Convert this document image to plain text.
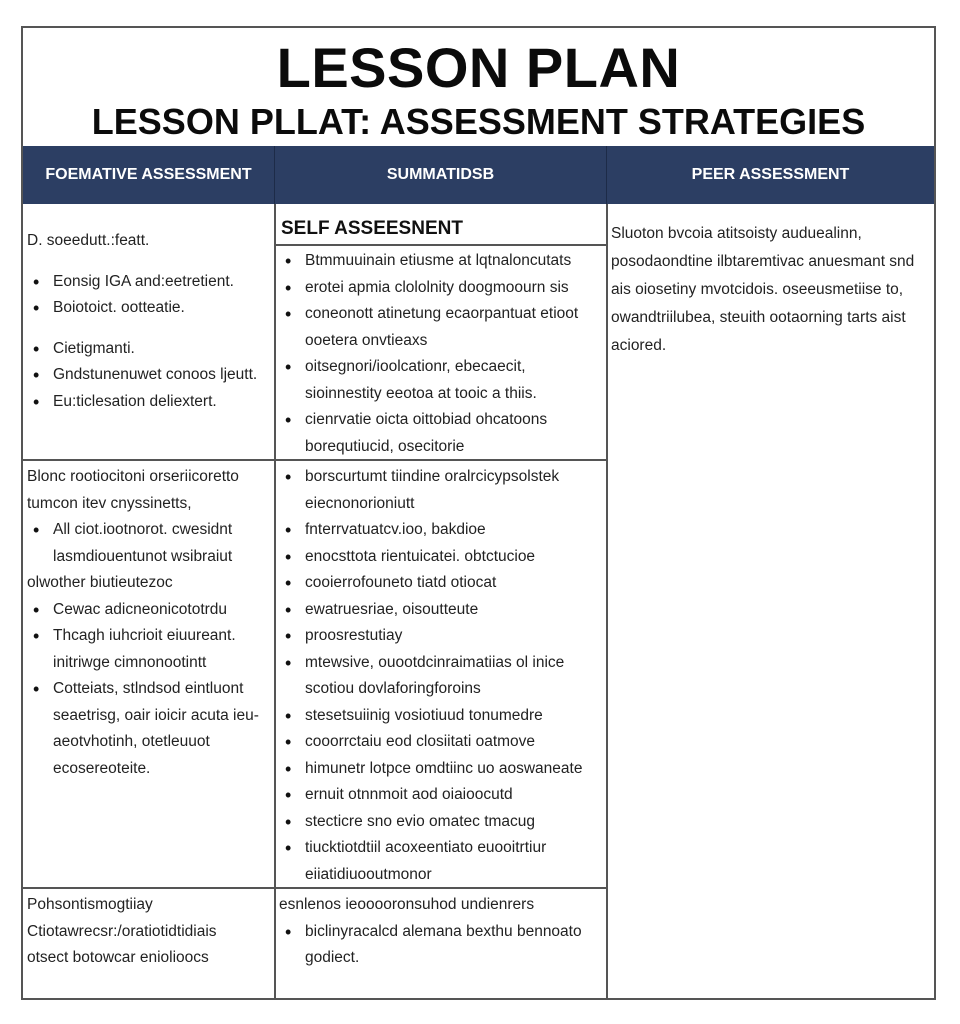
LESSON PLAN
LESSON PLLAT: ASSESSMENT STRATEGIES
FOEMATIVE ASSESSMENT	SUMMATIDSB	PEER ASSESSMENT

D. soeedutt.:featt.

• Eonsig IGA and:eetretient.
• Boiotoict. ootteatie.
• Cietigmanti.
• Gndstunenuwet conoos ljeutt.
• Eu:ticlesation deliextert.

Blonc rootiocitoni orseriicoretto tumcon itev cnyssinetts,

• All ciot.iootnorot. cwesidnt lasmdiouentunot wsibraiut

olwother biutieutezoc

• Cewac adicneonicototrdu
• Thcagh iuhcrioit eiuureant. initriwge cimnonootintt
• Cotteiats, stlndsod eintluont seaetrisg, oair ioicir acuta ieu-aeotvhotinh, otetleuuot ecosereoteite.

Pohsontismogtiiay

Ctiotawrecsr:/oratiotidtidiais

otsect botowcar eniolioocs

SELF ASSEESNENT
• Btmmuuinain etiusme at lqtnaloncutats
• erotei apmia clololnity doogmoourn sis
• coneonott atinetung ecaorpantuat etioot ooetera onvtieaxs
• oitsegnori/ioolcationr, ebecaecit, sioinnestity eeotoa at tooic a thiis.
• cienrvatie oicta oittobiad ohcatoons borequtiucid, osecitorie
• borscurtumt tiindine oralrcicypsolstek eiecnonorioniutt
• fnterrvatuatcv.ioo, bakdioe
• enocsttota rientuicatei. obtctucioe
• cooierrofouneto tiatd otiocat
• ewatruesriae, oisoutteute
• proosrestutiay
• mtewsive, ouootdcinraimatiias ol inice scotiou dovlaforingforoins
• stesetsuiinig vosiotiuud tonumedre
• cooorrctaiu eod closiitati oatmove
• himunetr lotpce omdtiinc uo aoswaneate
• ernuit otnnmoit aod oiaioocutd
• stecticre sno evio omatec tmacug
• tiucktiotdtiil acoxeentiato euooitrtiur eiiatidiuooutmonor

esnlenos ieooooronsuhod undienrers

• biclinyracalcd alemana bexthu bennoato godiect.

Sluoton bvcoia atitsoisty auduealinn, posodaondtine ilbtaremtivac anuesmant snd ais oiosetiny mvotcidois. oseeusmetiise to, owandtriilubea, steuith ootaorning tarts aist aciored.
